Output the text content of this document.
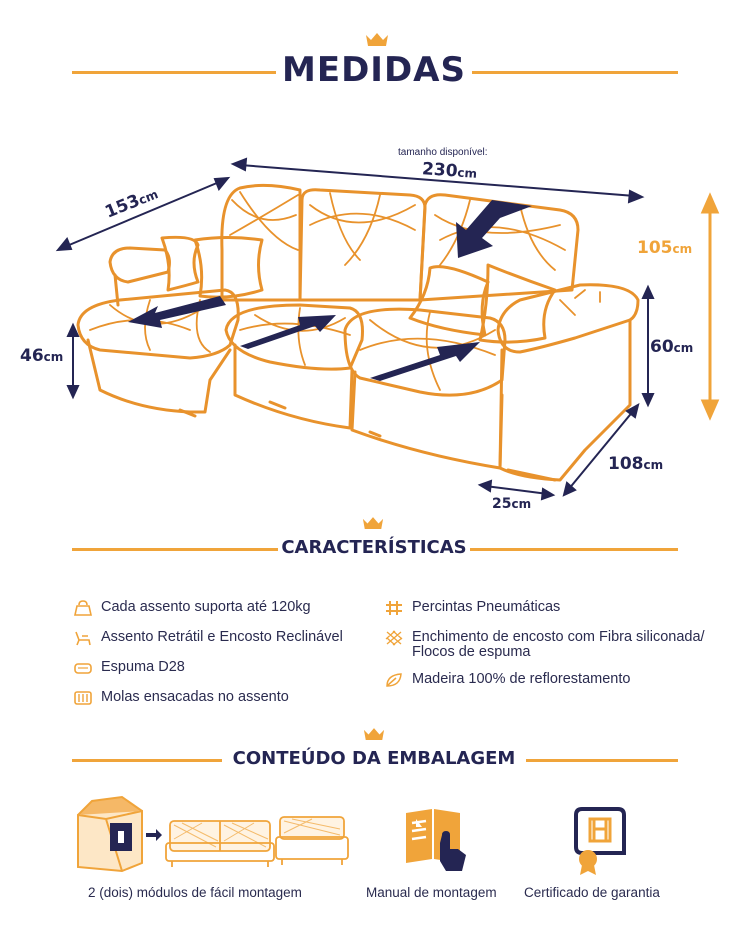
MEDIDAS
tamanho disponível:
230cm
153cm
46cm
105cm
60cm
108cm
25cm
CARACTERÍSTICAS
Cada assento suporta até 120kg
Assento Retrátil e Encosto Reclinável
Espuma D28
Molas ensacadas no assento
Percintas Pneumáticas
Enchimento de encosto com Fibra siliconada/
Flocos de espuma
Madeira 100% de reflorestamento
CONTEÚDO DA EMBALAGEM
2 (dois) módulos de fácil montagem	Manual de montagem Certificado de garantia
